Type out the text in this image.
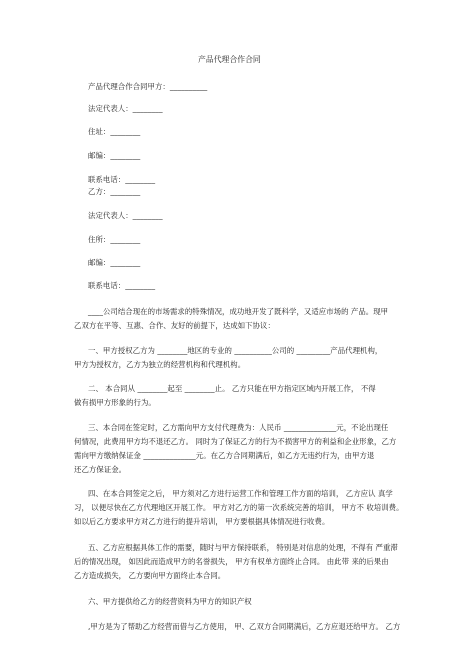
产品代理合作合同
产品代理合作合同甲方：__________
法定代表人：________
住址：________
邮编：________
联系电话：________
乙方：________
法定代表人：________
住所：________
邮编：________
联系电话：________
____公司结合现在的市场需求的特殊情况，成功地开发了既科学，又适应市场的 产品。现甲
乙双方在平等、互惠、合作、友好的前提下，达成如下协议：
一、甲方授权乙方为 ________地区的专业的 __________公司的 _________产品代理机构，
甲方为授权方，乙方为独立的经营机构和代理机构。
二、 本合同从 ________起至 ________止。 乙方只能在甲方指定区域内开展工作， 不得
做有损甲方形象的行为。
三、本合同在签定时，乙方需向甲方支付代理费为：人民币 ______________元，不论出现任
何情况，此费用甲方均不退还乙方。 同时为了保证乙方的行为不损害甲方的利益和企业形象，乙方
需向甲方缴纳保证金 ______________元。在乙方合同期满后，如乙方无违约行为，由甲方退
还乙方保证金。
四、在本合同签定之后， 甲方须对乙方进行运营工作和管理工作方面的培训， 乙方应认 真学
习， 以便尽快在乙方代理地区开展工作。 甲方对乙方的第一次系统完善的培训， 甲方不 收培训费。
如以后乙方要求甲方对乙方进行的提升培训， 甲方要根据具体情况进行收费。
五、乙方应根据具体工作的需要，随时与甲方保持联系， 特别是对信息的处理，不得有 严重滞
后的情况出现， 如因此而造成甲方的名誉损失， 甲方有权单方面终止合同。 由此带 来的后果由
乙方造成损失， 乙方要向甲方面终止本合同。
六、甲方提供给乙方的经营资料为甲方的知识产权
,甲方是为了帮助乙方经营而借与乙方使用， 甲、乙双方合同期满后，乙方应退还给甲方。 乙方
